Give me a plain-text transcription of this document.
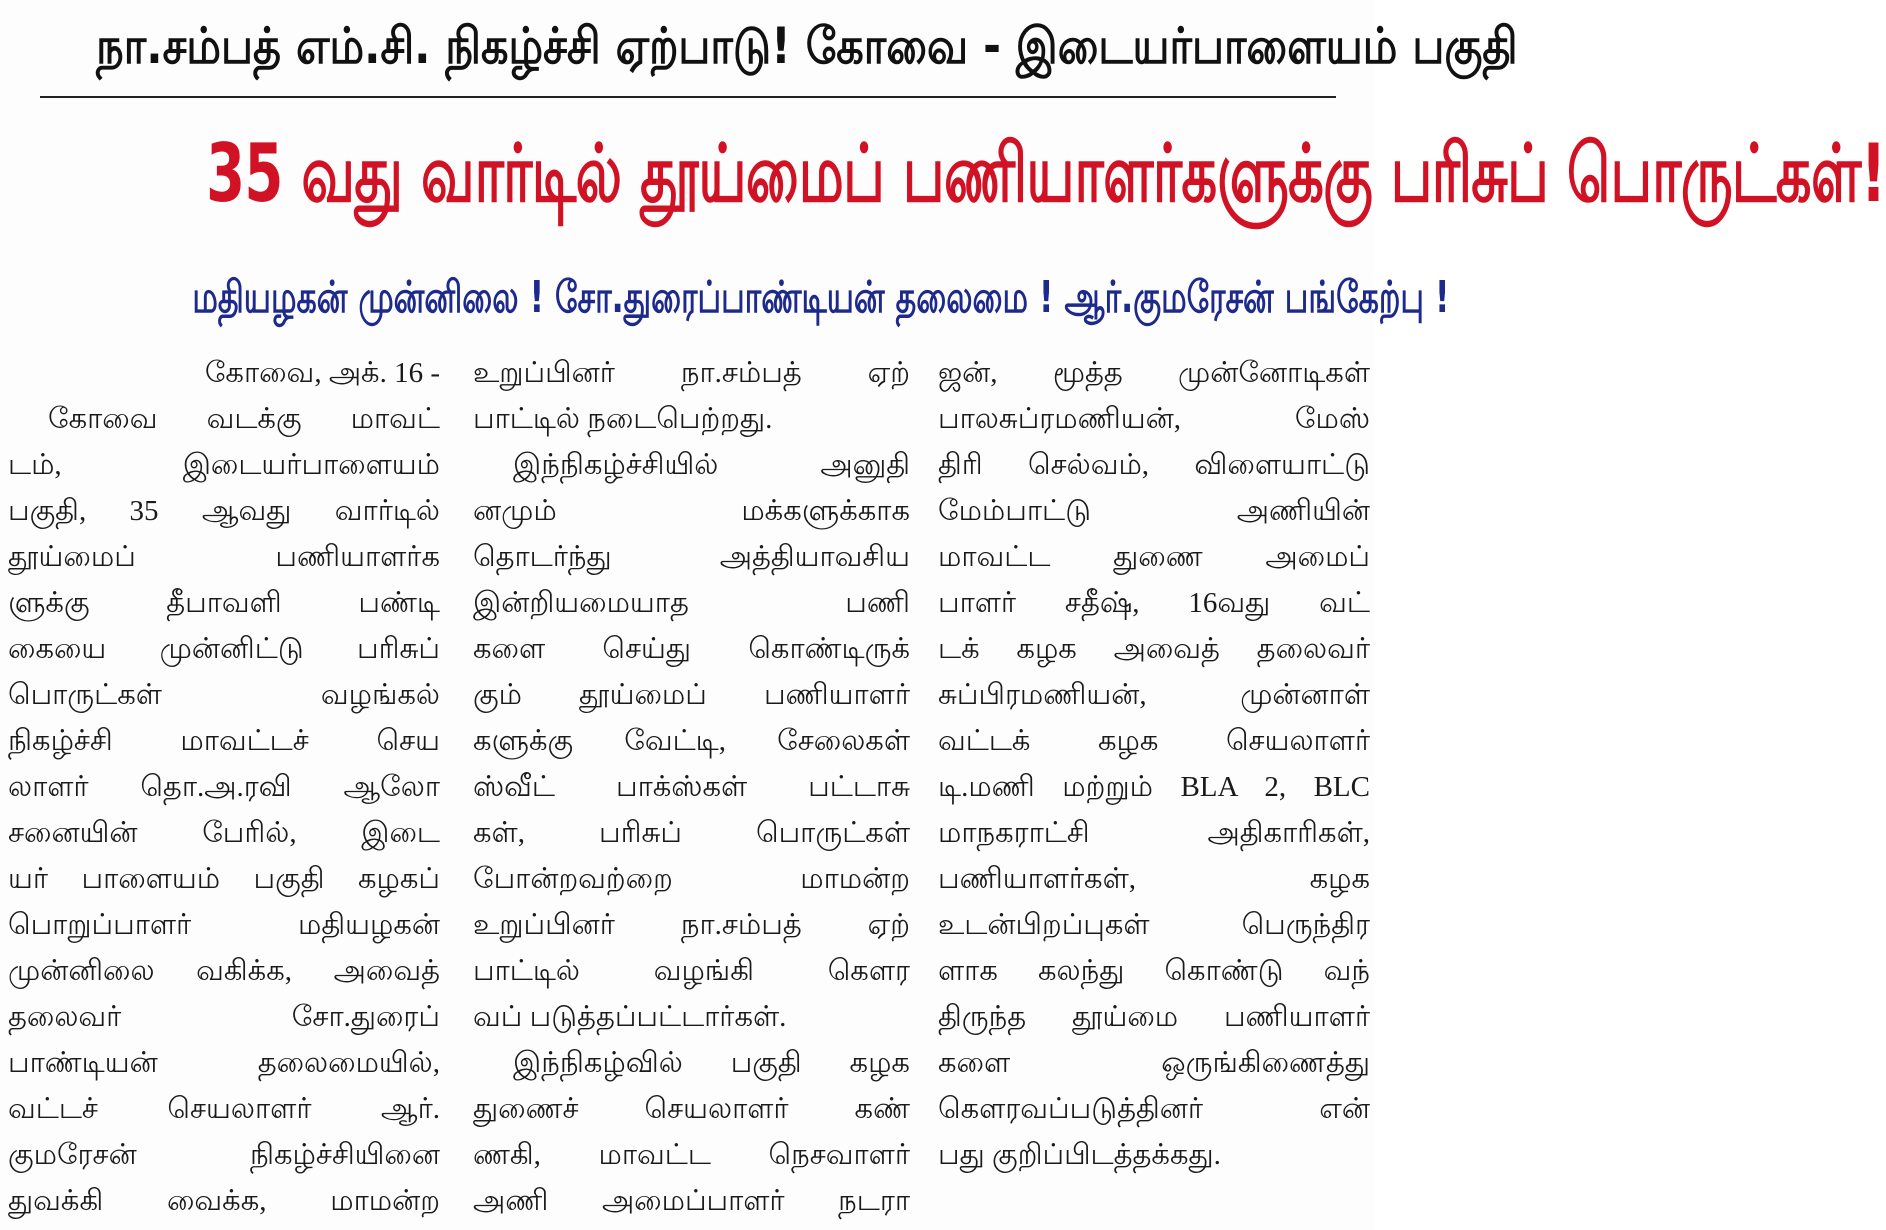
நா.சம்பத் எம்.சி. நிகழ்ச்சி ஏற்பாடு! கோவை - இடையர்பாளையம் பகுதி
35 வது வார்டில் தூய்மைப் பணியாளர்களுக்கு பரிசுப் பொருட்கள்!
மதியழகன் முன்னிலை ! சோ.துரைப்பாண்டியன் தலைமை ! ஆர்.குமரேசன் பங்கேற்பு !
கோவை, அக். 16 -
கோவை வடக்கு மாவட்
டம், இடையர்பாளையம்
பகுதி, 35 ஆவது வார்டில்
தூய்மைப் பணியாளர்க
ளுக்கு தீபாவளி பண்டி
கையை முன்னிட்டு பரிசுப்
பொருட்கள் வழங்கல்
நிகழ்ச்சி மாவட்டச் செய
லாளர் தொ.அ.ரவி ஆலோ
சனையின் பேரில், இடை
யர் பாளையம் பகுதி கழகப்
பொறுப்பாளர் மதியழகன்
முன்னிலை வகிக்க, அவைத்
தலைவர் சோ.துரைப்
பாண்டியன் தலைமையில்,
வட்டச் செயலாளர் ஆர்.
குமரேசன் நிகழ்ச்சியினை
துவக்கி வைக்க, மாமன்ற
உறுப்பினர் நா.சம்பத் ஏற்
பாட்டில் நடைபெற்றது.
இந்நிகழ்ச்சியில் அனுதி
னமும் மக்களுக்காக
தொடர்ந்து அத்தியாவசிய
இன்றியமையாத பணி
களை செய்து கொண்டிருக்
கும் தூய்மைப் பணியாளர்
களுக்கு வேட்டி, சேலைகள்
ஸ்வீட் பாக்ஸ்கள் பட்டாசு
கள், பரிசுப் பொருட்கள்
போன்றவற்றை மாமன்ற
உறுப்பினர் நா.சம்பத் ஏற்
பாட்டில் வழங்கி கௌர
வப் படுத்தப்பட்டார்கள்.
இந்நிகழ்வில் பகுதி கழக
துணைச் செயலாளர் கண்
ணகி, மாவட்ட நெசவாளர்
அணி அமைப்பாளர் நடரா
ஜன், மூத்த முன்னோடிகள்
பாலசுப்ரமணியன், மேஸ்
திரி செல்வம், விளையாட்டு
மேம்பாட்டு அணியின்
மாவட்ட துணை அமைப்
பாளர் சதீஷ், 16வது வட்
டக் கழக அவைத் தலைவர்
சுப்பிரமணியன், முன்னாள்
வட்டக் கழக செயலாளர்
டி.மணி மற்றும் BLA 2, BLC
மாநகராட்சி அதிகாரிகள்,
பணியாளர்கள், கழக
உடன்பிறப்புகள் பெருந்திர
ளாக கலந்து கொண்டு வந்
திருந்த தூய்மை பணியாளர்
களை ஒருங்கிணைத்து
கௌரவப்படுத்தினர் என்
பது குறிப்பிடத்தக்கது.
